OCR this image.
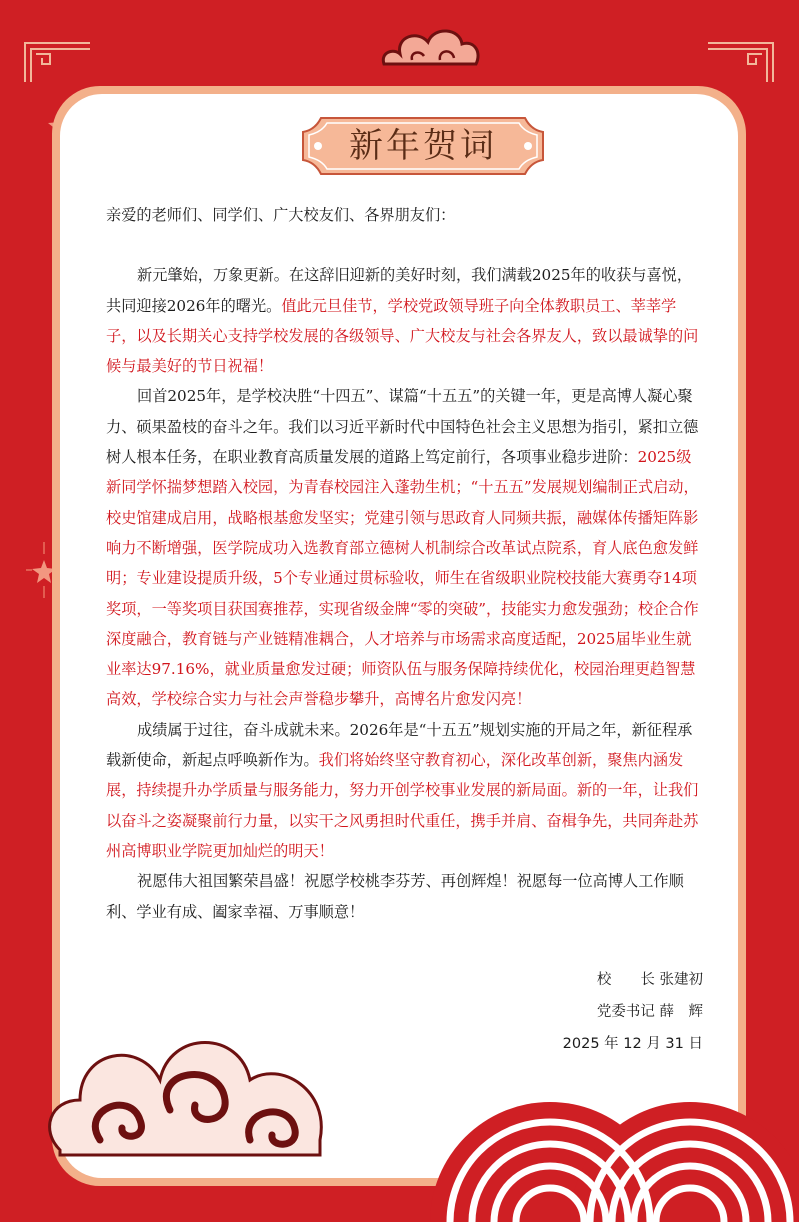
新年贺词

亲爱的老师们、同学们、广大校友们、各界朋友们：

新元肇始，万象更新。在这辞旧迎新的美好时刻，我们满载2025年的收获与喜悦，共同迎接2026年的曙光。值此元旦佳节，学校党政领导班子向全体教职员工、莘莘学子，以及长期关心支持学校发展的各级领导、广大校友与社会各界友人，致以最诚挚的问候与最美好的节日祝福！

回首2025年，是学校决胜“十四五”、谋篇“十五五”的关键一年，更是高博人凝心聚力、硕果盈枝的奋斗之年。我们以习近平新时代中国特色社会主义思想为指引，紧扣立德树人根本任务，在职业教育高质量发展的道路上笃定前行，各项事业稳步进阶：2025级新同学怀揣梦想踏入校园，为青春校园注入蓬勃生机；“十五五”发展规划编制正式启动，校史馆建成启用，战略根基愈发坚实；党建引领与思政育人同频共振，融媒体传播矩阵影响力不断增强，医学院成功入选教育部立德树人机制综合改革试点院系，育人底色愈发鲜明；专业建设提质升级，5个专业通过贯标验收，师生在省级职业院校技能大赛勇夺14项奖项，一等奖项目获国赛推荐，实现省级金牌“零的突破”，技能实力愈发强劲；校企合作深度融合，教育链与产业链精准耦合，人才培养与市场需求高度适配，2025届毕业生就业率达97.16%，就业质量愈发过硬；师资队伍与服务保障持续优化，校园治理更趋智慧高效，学校综合实力与社会声誉稳步攀升，高博名片愈发闪亮！

成绩属于过往，奋斗成就未来。2026年是“十五五”规划实施的开局之年，新征程承载新使命，新起点呼唤新作为。我们将始终坚守教育初心，深化改革创新，聚焦内涵发展，持续提升办学质量与服务能力，努力开创学校事业发展的新局面。新的一年，让我们以奋斗之姿凝聚前行力量，以实干之风勇担时代重任，携手并肩、奋楫争先，共同奔赴苏州高博职业学院更加灿烂的明天！

祝愿伟大祖国繁荣昌盛！祝愿学校桃李芬芳、再创辉煌！祝愿每一位高博人工作顺利、学业有成、阖家幸福、万事顺意！

校　　长 张建初
党委书记 薛　辉
2025 年 12 月 31 日
